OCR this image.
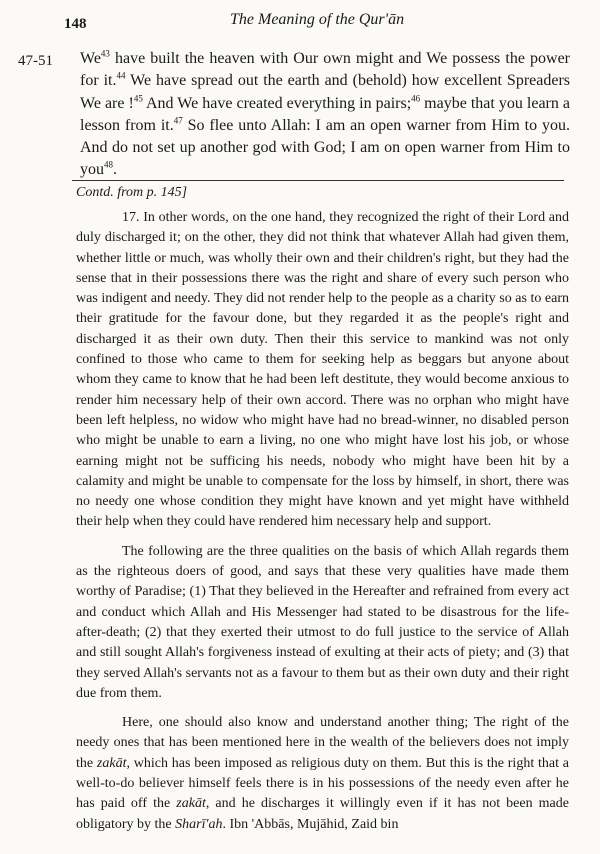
148	The Meaning of the Qur'ān
47-51 We$^{43}$ have built the heaven with Our own might and We possess the power for it.$^{44}$ We have spread out the earth and (behold) how excellent Spreaders We are !$^{45}$ And We have created everything in pairs;$^{46}$ maybe that you learn a lesson from it.$^{47}$ So flee unto Allah: I am an open warner from Him to you. And do not set up another god with God; I am on open warner from Him to you$^{48}$.
Contd. from p. 145]

17. In other words, on the one hand, they recognized the right of their Lord and duly discharged it; on the other, they did not think that whatever Allah had given them, whether little or much, was wholly their own and their children's right, but they had the sense that in their possessions there was the right and share of every such person who was indigent and needy. They did not render help to the people as a charity so as to earn their gratitude for the favour done, but they regarded it as the people's right and discharged it as their own duty. Then their this service to mankind was not only confined to those who came to them for seeking help as beggars but anyone about whom they came to know that he had been left destitute, they would become anxious to render him necessary help of their own accord. There was no orphan who might have been left helpless, no widow who might have had no bread-winner, no disabled person who might be unable to earn a living, no one who might have lost his job, or whose earning might not be sufficing his needs, nobody who might have been hit by a calamity and might be unable to compensate for the loss by himself, in short, there was no needy one whose condition they might have known and yet might have withheld their help when they could have rendered him necessary help and support.

The following are the three qualities on the basis of which Allah regards them as the righteous doers of good, and says that these very qualities have made them worthy of Paradise; (1) That they believed in the Hereafter and refrained from every act and conduct which Allah and His Messenger had stated to be disastrous for the life-after-death; (2) that they exerted their utmost to do full justice to the service of Allah and still sought Allah's forgiveness instead of exulting at their acts of piety; and (3) that they served Allah's servants not as a favour to them but as their own duty and their right due from them.

Here, one should also know and understand another thing; The right of the needy ones that has been mentioned here in the wealth of the believers does not imply the zakāt, which has been imposed as religious duty on them. But this is the right that a well-to-do believer himself feels there is in his possessions of the needy even after he has paid off the zakāt, and he discharges it willingly even if it has not been made obligatory by the Sharī'ah. Ibn 'Abbās, Mujāhid, Zaid bin
